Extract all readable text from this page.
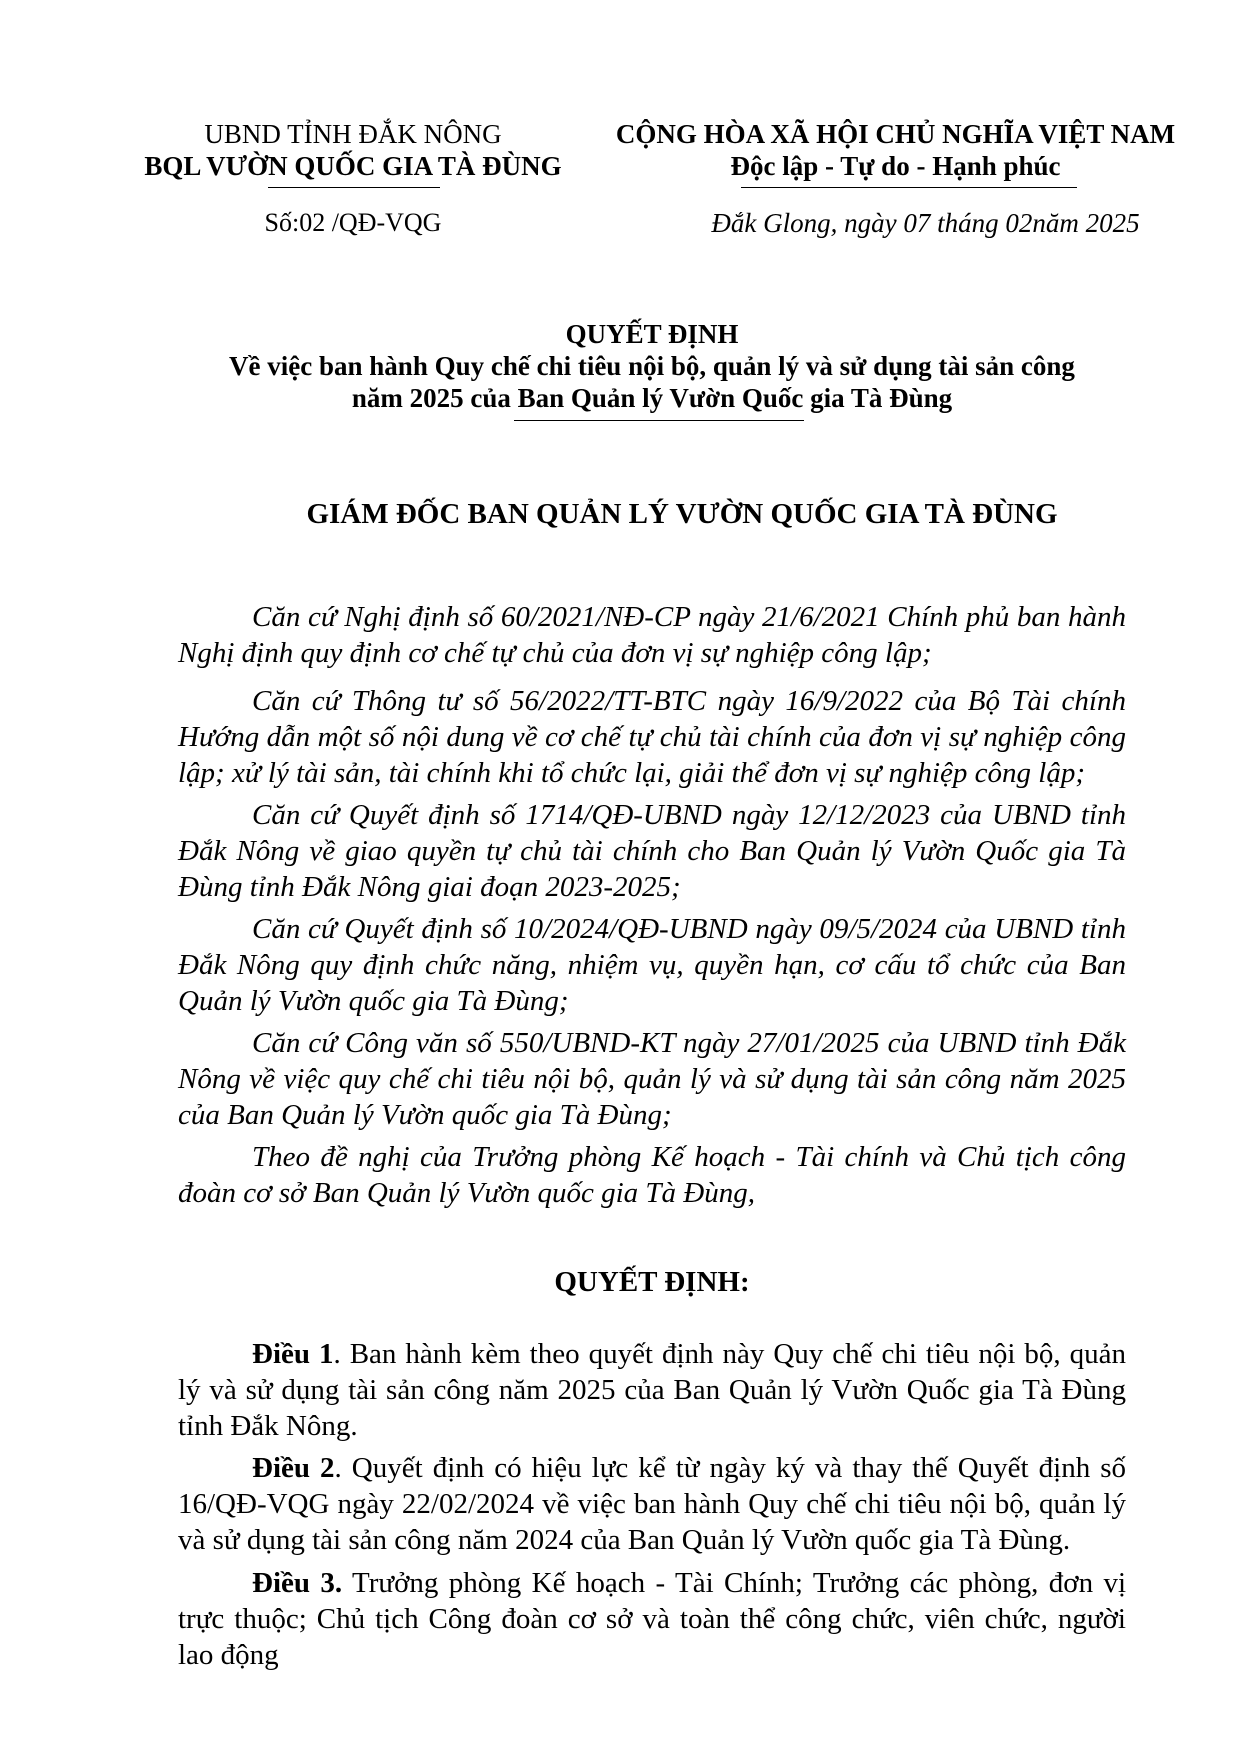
UBND TỈNH ĐẮK NÔNG
BQL VƯỜN QUỐC GIA TÀ ĐÙNG
Số:02 /QĐ-VQG
CỘNG HÒA XÃ HỘI CHỦ NGHĨA VIỆT NAM
Độc lập - Tự do - Hạnh phúc
Đắk Glong, ngày 07 tháng 02năm 2025
QUYẾT ĐỊNH
Về việc ban hành Quy chế chi tiêu nội bộ, quản lý và sử dụng tài sản công
năm 2025 của Ban Quản lý Vườn Quốc gia Tà Đùng
GIÁM ĐỐC BAN QUẢN LÝ VƯỜN QUỐC GIA TÀ ĐÙNG
Căn cứ Nghị định số 60/2021/NĐ-CP ngày 21/6/2021 Chính phủ ban hành Nghị định quy định cơ chế tự chủ của đơn vị sự nghiệp công lập;
Căn cứ Thông tư số 56/2022/TT-BTC ngày 16/9/2022 của Bộ Tài chính Hướng dẫn một số nội dung về cơ chế tự chủ tài chính của đơn vị sự nghiệp công lập; xử lý tài sản, tài chính khi tổ chức lại, giải thể đơn vị sự nghiệp công lập;
Căn cứ Quyết định số 1714/QĐ-UBND ngày 12/12/2023 của UBND tỉnh Đắk Nông về giao quyền tự chủ tài chính cho Ban Quản lý Vườn Quốc gia Tà Đùng tỉnh Đắk Nông giai đoạn 2023-2025;
Căn cứ Quyết định số 10/2024/QĐ-UBND ngày 09/5/2024 của UBND tỉnh Đắk Nông quy định chức năng, nhiệm vụ, quyền hạn, cơ cấu tổ chức của Ban Quản lý Vườn quốc gia Tà Đùng;
Căn cứ Công văn số 550/UBND-KT ngày 27/01/2025 của UBND tỉnh Đắk Nông về việc quy chế chi tiêu nội bộ, quản lý và sử dụng tài sản công năm 2025 của Ban Quản lý Vườn quốc gia Tà Đùng;
Theo đề nghị của Trưởng phòng Kế hoạch - Tài chính và Chủ tịch công đoàn cơ sở Ban Quản lý Vườn quốc gia Tà Đùng,
QUYẾT ĐỊNH:
Điều 1. Ban hành kèm theo quyết định này Quy chế chi tiêu nội bộ, quản lý và sử dụng tài sản công năm 2025 của Ban Quản lý Vườn Quốc gia Tà Đùng tỉnh Đắk Nông.
Điều 2. Quyết định có hiệu lực kể từ ngày ký và thay thế Quyết định số 16/QĐ-VQG ngày 22/02/2024 về việc ban hành Quy chế chi tiêu nội bộ, quản lý và sử dụng tài sản công năm 2024 của Ban Quản lý Vườn quốc gia Tà Đùng.
Điều 3. Trưởng phòng Kế hoạch - Tài Chính; Trưởng các phòng, đơn vị trực thuộc; Chủ tịch Công đoàn cơ sở và toàn thể công chức, viên chức, người lao động
